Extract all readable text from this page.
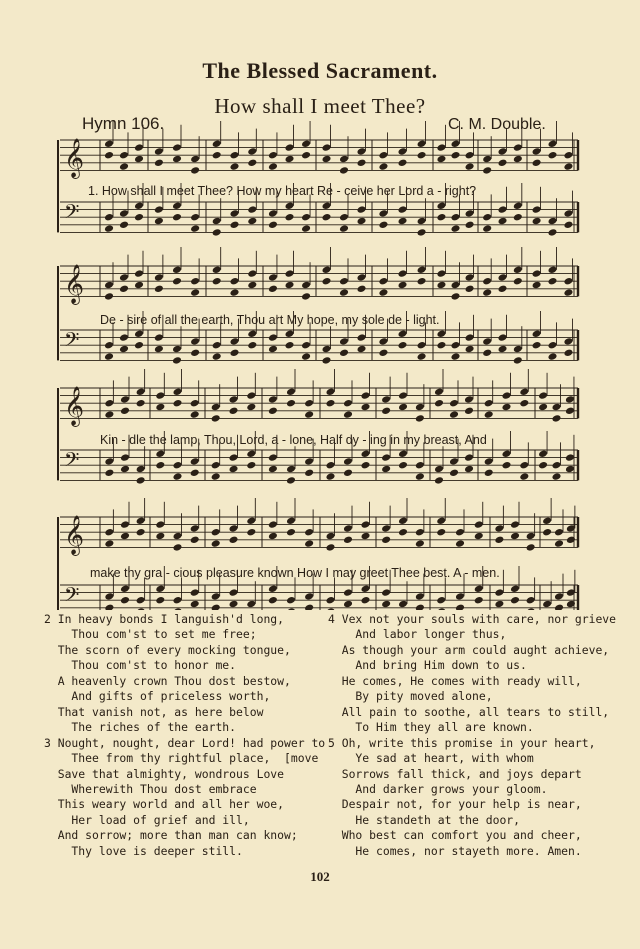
The Blessed Sacrament.
How shall I meet Thee?
Hymn 106.	C. M. Double.
𝄞
𝄢
𝄞
𝄢
𝄞
𝄢
𝄞
𝄢
1. How shall I meet Thee? How my heart Re - ceive her Lord a - right?
De - sire of all the earth, Thou art My hope, my sole de - light.
Kin - dle the lamp, Thou, Lord, a - lone, Half dy - ing in my breast, And
make thy gra - cious pleasure known How I may greet Thee best. A - men.
2 In heavy bonds I languish'd long,
Thou com'st to set me free;
The scorn of every mocking tongue,
Thou com'st to honor me.
A heavenly crown Thou dost bestow,
And gifts of priceless worth,
That vanish not, as here below
The riches of the earth.
3 Nought, nought, dear Lord! had power to
Thee from thy rightful place,  [move
Save that almighty, wondrous Love
Wherewith Thou dost embrace
This weary world and all her woe,
Her load of grief and ill,
And sorrow; more than man can know;
Thy love is deeper still.
4 Vex not your souls with care, nor grieve
And labor longer thus,
As though your arm could aught achieve,
And bring Him down to us.
He comes, He comes with ready will,
By pity moved alone,
All pain to soothe, all tears to still,
To Him they all are known.
5 Oh, write this promise in your heart,
Ye sad at heart, with whom
Sorrows fall thick, and joys depart
And darker grows your gloom.
Despair not, for your help is near,
He standeth at the door,
Who best can comfort you and cheer,
He comes, nor stayeth more. Amen.
102
